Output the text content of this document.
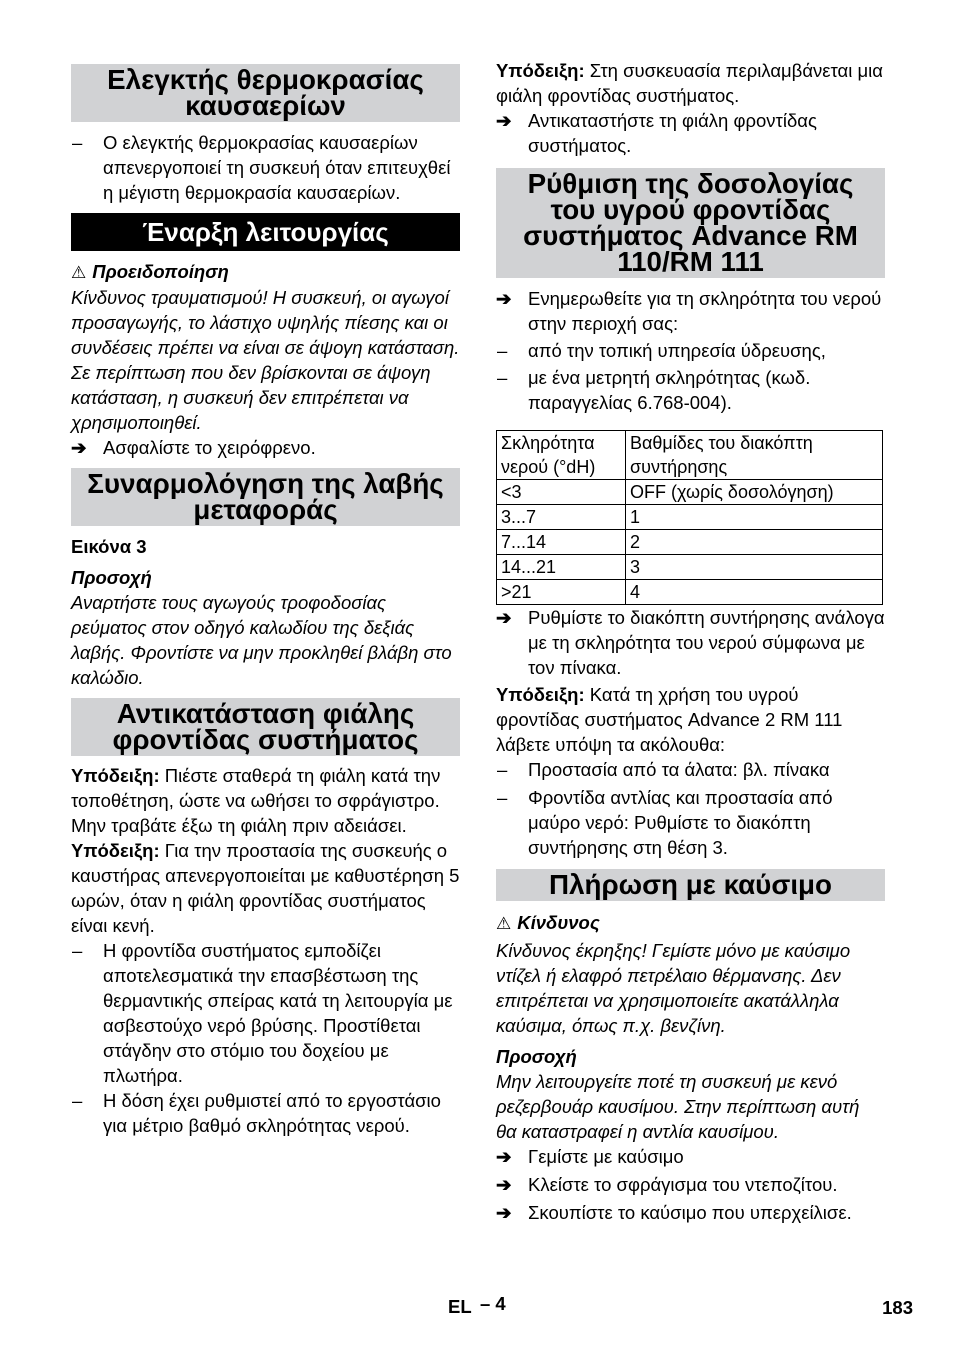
Ελεγκτής θερμοκρασίας καυσαερίων
–	Ο ελεγκτής θερμοκρασίας καυσαερίων απενεργοποιεί τη συσκευή όταν επιτευχθεί η μέγιστη θερμοκρασία καυσαερίων.
Έναρξη λειτουργίας

⚠ Προειδοποίηση

Κίνδυνος τραυματισμού! Η συσκευή, οι αγωγοί προσαγωγής, το λάστιχο υψηλής πίεσης και οι συνδέσεις πρέπει να είναι σε άψογη κατάσταση. Σε περίπτωση που δεν βρίσκονται σε άψογη κατάσταση, η συσκευή δεν επιτρέπεται να χρησιμοποιηθεί.

➔ Ασφαλίστε το χειρόφρενο.
Συναρμολόγηση της λαβής μεταφοράς

Εικόνα 3

Προσοχή

Αναρτήστε τους αγωγούς τροφοδοσίας ρεύματος στον οδηγό καλωδίου της δεξιάς λαβής. Φροντίστε να μην προκληθεί βλάβη στο καλώδιο.

Αντικατάσταση φιάλης φροντίδας συστήματος

Υπόδειξη: Πιέστε σταθερά τη φιάλη κατά την τοποθέτηση, ώστε να ωθήσει το σφράγιστρο. Μην τραβάτε έξω τη φιάλη πριν αδειάσει.

Υπόδειξη: Για την προστασία της συσκευής ο καυστήρας απενεργοποιείται με καθυστέρηση 5 ωρών, όταν η φιάλη φροντίδας συστήματος είναι κενή.

–	Η φροντίδα συστήματος εμποδίζει αποτελεσματικά την επασβέστωση της θερμαντικής σπείρας κατά τη λειτουργία με ασβεστούχο νερό βρύσης. Προστίθεται στάγδην στο στόμιο του δοχείου με πλωτήρα.
–	Η δόση έχει ρυθμιστεί από το εργοστάσιο για μέτριο βαθμό σκληρότητας νερού.

Υπόδειξη: Στη συσκευασία περιλαμβάνεται μια φιάλη φροντίδας συστήματος.

➔ Αντικαταστήστε τη φιάλη φροντίδας συστήματος.
Ρύθμιση της δοσολογίας του υγρού φροντίδας συστήματος Advance RM 110/RM 111
➔ Ενημερωθείτε για τη σκληρότητα του νερού στην περιοχή σας:
–	από την τοπική υπηρεσία ύδρευσης,
–	με ένα μετρητή σκληρότητας (κωδ. παραγγελίας 6.768-004).
Σκληρότητα νερού (°dH)	Βαθμίδες του διακόπτη συντήρησης
<3	OFF (χωρίς δοσολόγηση)
3...7	1
7...14	2
14...21	3
>21	4
➔ Ρυθμίστε το διακόπτη συντήρησης ανάλογα με τη σκληρότητα του νερού σύμφωνα με τον πίνακα.

Υπόδειξη: Κατά τη χρήση του υγρού φροντίδας συστήματος Advance 2 RM 111 λάβετε υπόψη τα ακόλουθα:

–	Προστασία από τα άλατα: βλ. πίνακα
–	Φροντίδα αντλίας και προστασία από μαύρο νερό: Ρυθμίστε το διακόπτη συντήρησης στη θέση 3.
Πλήρωση με καύσιμο

⚠ Κίνδυνος

Κίνδυνος έκρηξης! Γεμίστε μόνο με καύσιμο ντίζελ ή ελαφρό πετρέλαιο θέρμανσης. Δεν επιτρέπεται να χρησιμοποιείτε ακατάλληλα καύσιμα, όπως π.χ. βενζίνη.

Προσοχή

Μην λειτουργείτε ποτέ τη συσκευή με κενό ρεζερβουάρ καυσίμου. Στην περίπτωση αυτή θα καταστραφεί η αντλία καυσίμου.

➔ Γεμίστε με καύσιμο
➔ Κλείστε το σφράγισμα του ντεποζίτου.
➔ Σκουπίστε το καύσιμο που υπερχείλισε.
EL – 4	183
